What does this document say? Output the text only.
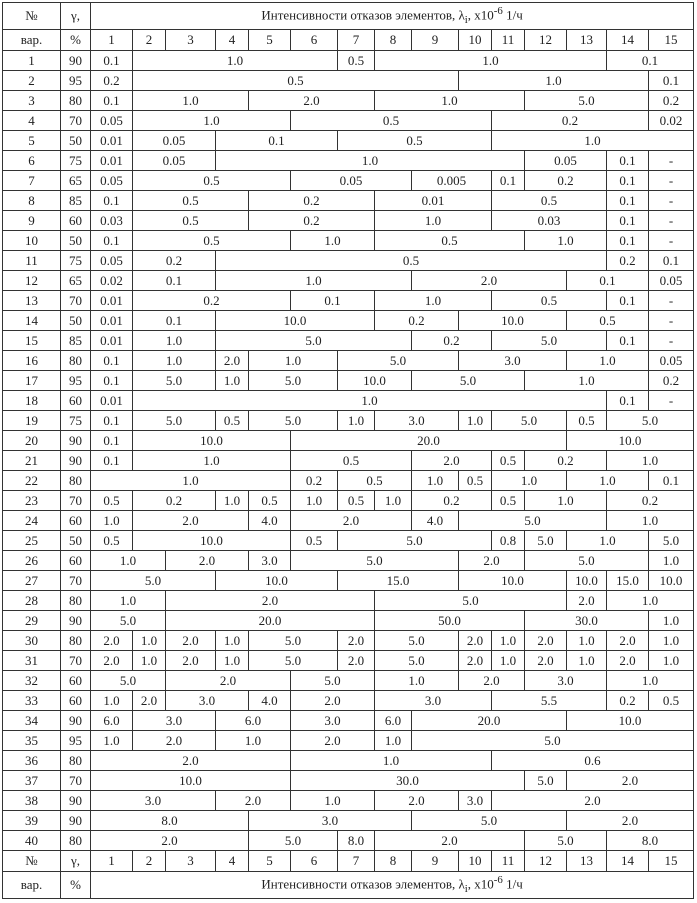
№	γ,	Интенсивности отказов элементов, $\lambda_i$, $х10^{-6}$ 1/ч														
вар.	%	1	2	3	4	5	6	7	8	9	10	11	12	13	14	15
1	90	0.1	1.0					0.5	1.0						0.1	
2	95	0.2	0.5								1.0					0.1
3	80	0.1	1.0			2.0			1.0				5.0			0.2
4	70	0.05	1.0				0.5					0.2				0.02
5	50	0.01	0.05		0.1			0.5				1.0				
6	75	0.01	0.05		1.0								0.05		0.1	-
7	65	0.05	0.5				0.05			0.005		0.1	0.2		0.1	-
8	85	0.1	0.5			0.2			0.01			0.5			0.1	-
9	60	0.03	0.5			0.2			1.0			0.03			0.1	-
10	50	0.1	0.5				1.0		0.5				1.0		0.1	-
11	75	0.05	0.2		0.5										0.2	0.1
12	65	0.02	0.1		1.0					2.0				0.1		0.05
13	70	0.01	0.2				0.1		1.0			0.5			0.1	-
14	50	0.01	0.1		10.0				0.2		10.0			0.5		-
15	85	0.01	1.0		5.0					0.2		5.0			0.1	-
16	80	0.1	1.0		2.0	1.0		5.0			3.0			1.0		0.05
17	95	0.1	5.0		1.0	5.0		10.0		5.0			1.0			0.2
18	60	0.01	1.0												0.1	-
19	75	0.1	5.0		0.5	5.0		1.0	3.0		1.0	5.0		0.5	5.0	
20	90	0.1	10.0				20.0							10.0		
21	90	0.1	1.0				0.5			2.0		0.5	0.2		1.0	
22	80	1.0					0.2	0.5		1.0	0.5	1.0		1.0		0.1
23	70	0.5	0.2		1.0	0.5	1.0	0.5	1.0	0.2		0.5	1.0		0.2	
24	60	1.0	2.0			4.0	2.0			4.0	5.0				1.0	
25	50	0.5	10.0				0.5	5.0				0.8	5.0	1.0		5.0
26	60	1.0		2.0		3.0	5.0				2.0		5.0			1.0
27	70	5.0			10.0			15.0			10.0			10.0	15.0	10.0
28	80	1.0		2.0					5.0					2.0	1.0	
29	90	5.0		20.0					50.0				30.0			1.0
30	80	2.0	1.0	2.0	1.0	5.0		2.0	5.0		2.0	1.0	2.0	1.0	2.0	1.0
31	70	2.0	1.0	2.0	1.0	5.0		2.0	5.0		2.0	1.0	2.0	1.0	2.0	1.0
32	60	5.0		2.0			5.0		1.0		2.0		3.0		1.0	
33	60	1.0	2.0	3.0		4.0	2.0		3.0			5.5			0.2	0.5
34	90	6.0	3.0		6.0		3.0		6.0	20.0				10.0		
35	95	1.0	2.0		1.0		2.0		1.0	5.0						
36	80	2.0					1.0					0.6				
37	70	10.0					30.0						5.0	2.0		
38	90	3.0			2.0		1.0		2.0		3.0	2.0				
39	90	8.0				3.0				5.0				2.0		
40	80	2.0				5.0		8.0	2.0				5.0		8.0	
№	γ,	1	2	3	4	5	6	7	8	9	10	11	12	13	14	15
вар.	%	Интенсивности отказов элементов, $\lambda_i$, $х10^{-6}$ 1/ч														
